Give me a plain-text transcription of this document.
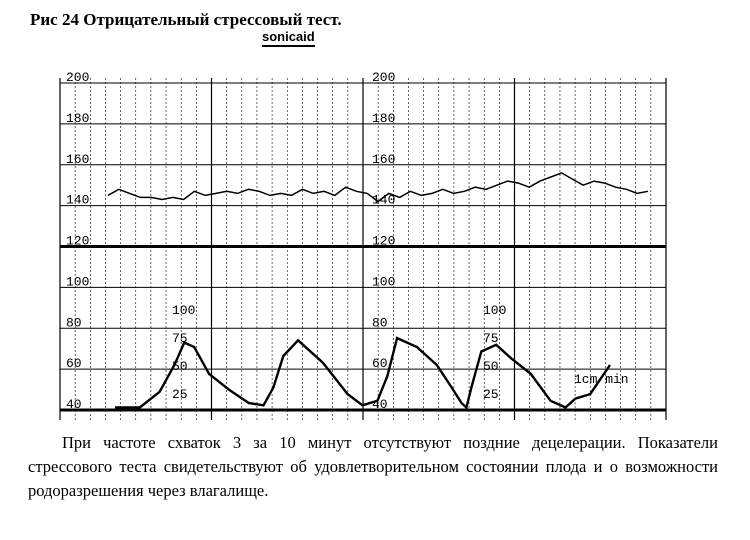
Рис 24 Отрицательный стрессовый тест.
sonicaid
200
180
160
140
120
100
80
60
40
200
180
160
140
120
100
80
60
40
100
75
50
25
100
75
50
25
1cm/min
При частоте схваток 3 за 10 минут отсутствуют поздние децелерации. Показатели стрессового теста свидетельствуют об удовлетворительном состоянии плода и о возможности родоразрешения через влагалище.
